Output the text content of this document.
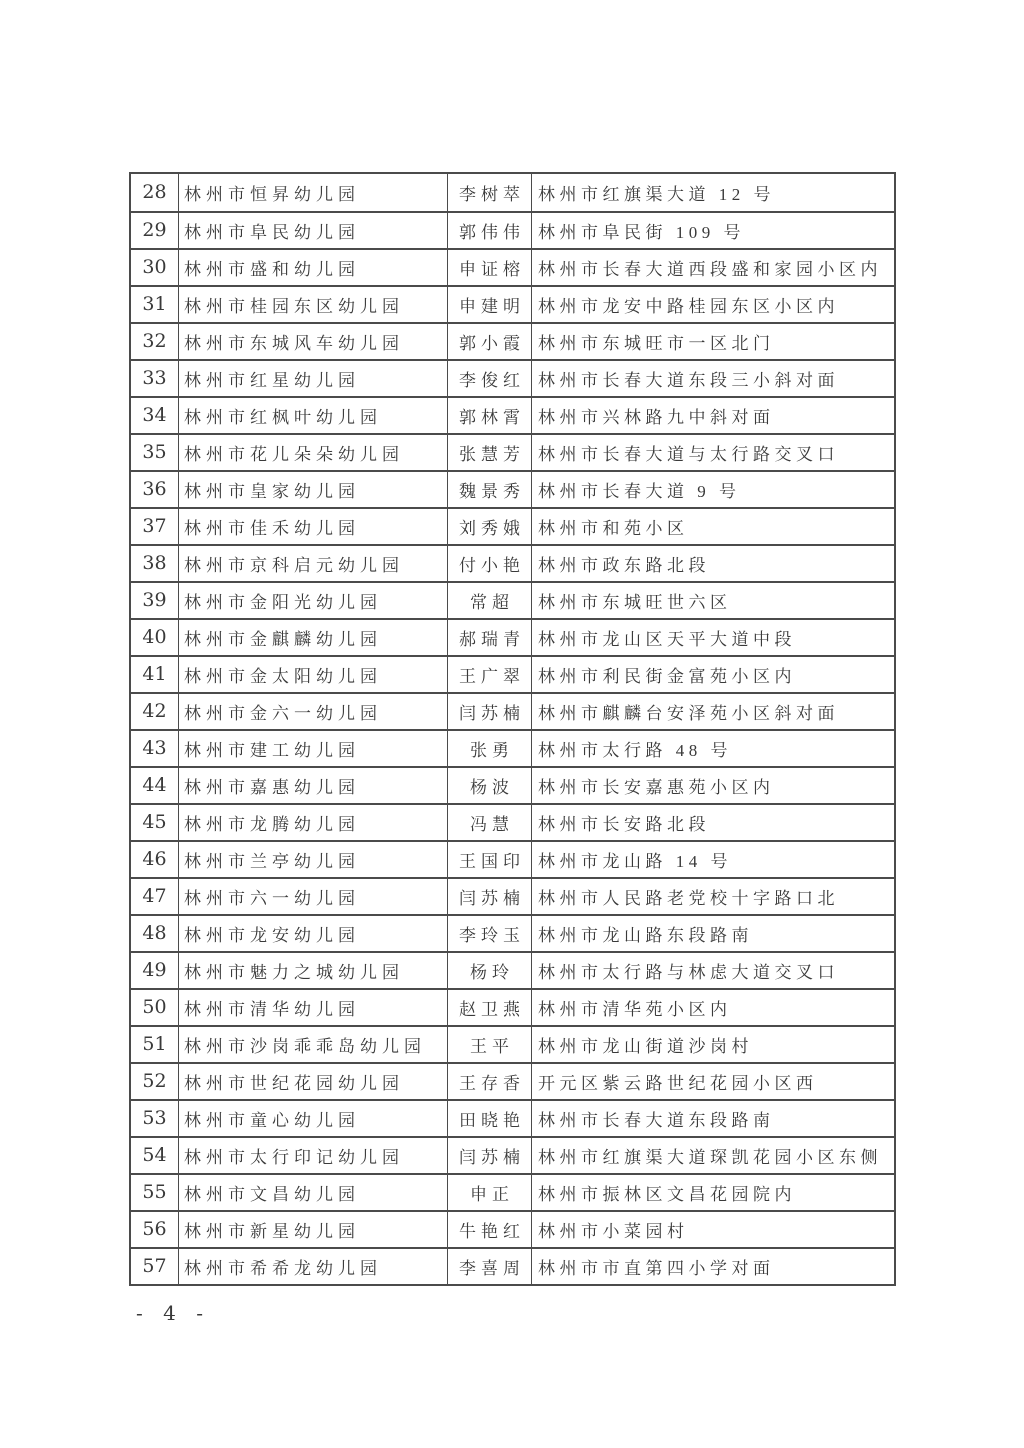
28	林州市恒昇幼儿园	李树萃 林州市红旗渠大道 12 号
29	林州市阜民幼儿园	郭伟伟 林州市阜民街 109 号
30	林州市盛和幼儿园	申证榕 林州市长春大道西段盛和家园小区内
31	林州市桂园东区幼儿园	申建明 林州市龙安中路桂园东区小区内
32	林州市东城风车幼儿园	郭小霞 林州市东城旺市一区北门
33	林州市红星幼儿园	李俊红 林州市长春大道东段三小斜对面
34	林州市红枫叶幼儿园	郭林霄 林州市兴林路九中斜对面
35	林州市花儿朵朵幼儿园	张慧芳 林州市长春大道与太行路交叉口
36	林州市皇家幼儿园	魏景秀 林州市长春大道 9 号
37	林州市佳禾幼儿园	刘秀娥 林州市和苑小区
38	林州市京科启元幼儿园	付小艳 林州市政东路北段
39	林州市金阳光幼儿园	常超	林州市东城旺世六区
40	林州市金麒麟幼儿园	郝瑞青 林州市龙山区天平大道中段
41	林州市金太阳幼儿园	王广翠 林州市利民街金富苑小区内
42	林州市金六一幼儿园	闫苏楠 林州市麒麟台安泽苑小区斜对面
43	林州市建工幼儿园	张勇	林州市太行路 48 号
44	林州市嘉惠幼儿园	杨波	林州市长安嘉惠苑小区内
45	林州市龙腾幼儿园	冯慧	林州市长安路北段
46	林州市兰亭幼儿园	王国印 林州市龙山路 14 号
47	林州市六一幼儿园	闫苏楠 林州市人民路老党校十字路口北
48	林州市龙安幼儿园	李玲玉 林州市龙山路东段路南
49	林州市魅力之城幼儿园	杨玲	林州市太行路与林虑大道交叉口
50	林州市清华幼儿园	赵卫燕 林州市清华苑小区内
51	林州市沙岗乖乖岛幼儿园	王平	林州市龙山街道沙岗村
52	林州市世纪花园幼儿园	王存香 开元区紫云路世纪花园小区西
53	林州市童心幼儿园	田晓艳 林州市长春大道东段路南
54	林州市太行印记幼儿园	闫苏楠 林州市红旗渠大道琛凯花园小区东侧
55	林州市文昌幼儿园	申正	林州市振林区文昌花园院内
56	林州市新星幼儿园	牛艳红 林州市小菜园村
57	林州市希希龙幼儿园	李喜周 林州市市直第四小学对面
- 4 -
